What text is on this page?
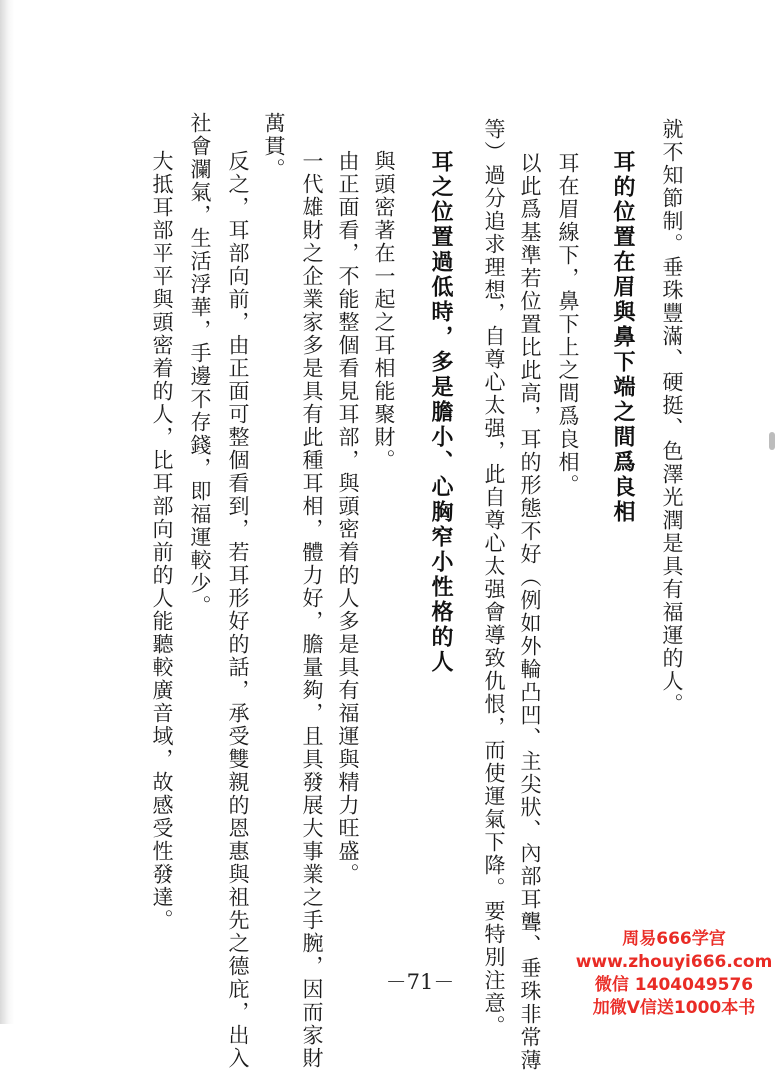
就不知節制。垂珠豐滿、硬挺、色澤光潤是具有福運的人。
耳的位置在眉與鼻下端之間爲良相
耳在眉線下，鼻下上之間爲良相。
以此爲基準若位置比此高，耳的形態不好︵例如外輪凸凹、主尖狀、內部耳聾、垂珠非常薄
等︶過分追求理想，自尊心太强，此自尊心太强會導致仇恨，而使運氣下降。要特別注意。
耳之位置過低時，多是膽小、心胸窄小性格的人
與頭密著在一起之耳相能聚財。
由正面看，不能整個看見耳部，與頭密着的人多是具有福運與精力旺盛。
一代雄財之企業家多是具有此種耳相，體力好，膽量夠，且具發展大事業之手腕，因而家財
萬貫。
反之，耳部向前，由正面可整個看到，若耳形好的話，承受雙親的恩惠與祖先之德庇，出入
社會瀾氣，生活浮華，手邊不存錢，即福運較少。
大抵耳部平平與頭密着的人，比耳部向前的人能聽較廣音域，故感受性發達。
－71－
周易666学宫
www.zhouyi666.com
微信 1404049576
加微V信送1000本书
